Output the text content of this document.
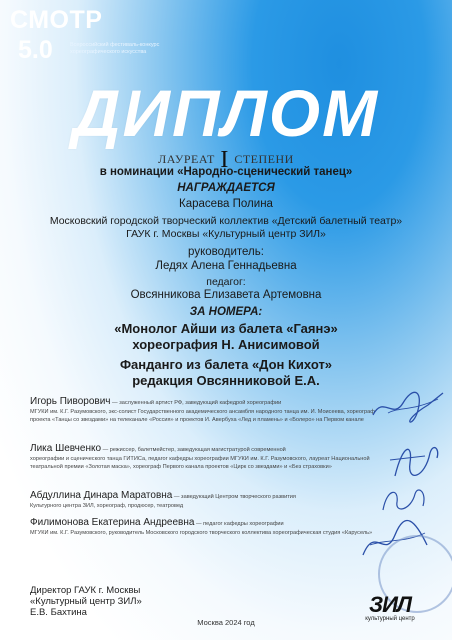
СМОТР
5.0	Всероссийский фестиваль-конкурс хореографического искусства
ДИПЛОМ
ЛАУРЕАТ I СТЕПЕНИ
в номинации «Народно-сценический танец»
НАГРАЖДАЕТСЯ
Карасева Полина
Московский городской творческий коллектив «Детский балетный театр»
ГАУК г. Москвы «Культурный центр ЗИЛ»
руководитель:
Ледях Алена Геннадьевна
педагог:
Овсянникова Елизавета Артемовна
ЗА НОМЕРА:
«Монолог Айши из балета «Гаянэ»
хореография Н. Анисимовой
Фанданго из балета «Дон Кихот»
редакция Овсянниковой Е.А.
Игорь Пиворович — заслуженный артист РФ, заведующий кафедрой хореографии
МГУКИ им. К.Г. Разумовского, экс-солист Государственного академического ансамбля народного танца им. И. Моисеева, хореограф проекта «Танцы со звездами» на телеканале «Россия» и проектов И. Авербуха «Лед и пламень» и «Болеро» на Первом канале
Лика Шевченко — режиссер, балетмейстер, заведующая магистратурой современной
хореографии и сценического танца ГИТИСа, педагог кафедры хореографии МГУКИ им. К.Г. Разумовского, лауреат Национальной театральной премии «Золотая маска», хореограф Первого канала проектов «Цирк со звездами» и «Без страховки»
Абдуллина Динара Маратовна — заведующий Центром творческого развития
Культурного центра ЗИЛ, хореограф, продюсер, театровед
Филимонова Екатерина Андреевна — педагог кафедры хореографии
МГУКИ им. К.Г. Разумовского, руководитель Московского городского творческого коллектива хореографическая студия «Карусель»
Директор ГАУК г. Москвы
«Культурный центр ЗИЛ»
Е.В. Бахтина
Москва 2024 год
ЗИЛ
культурный центр
